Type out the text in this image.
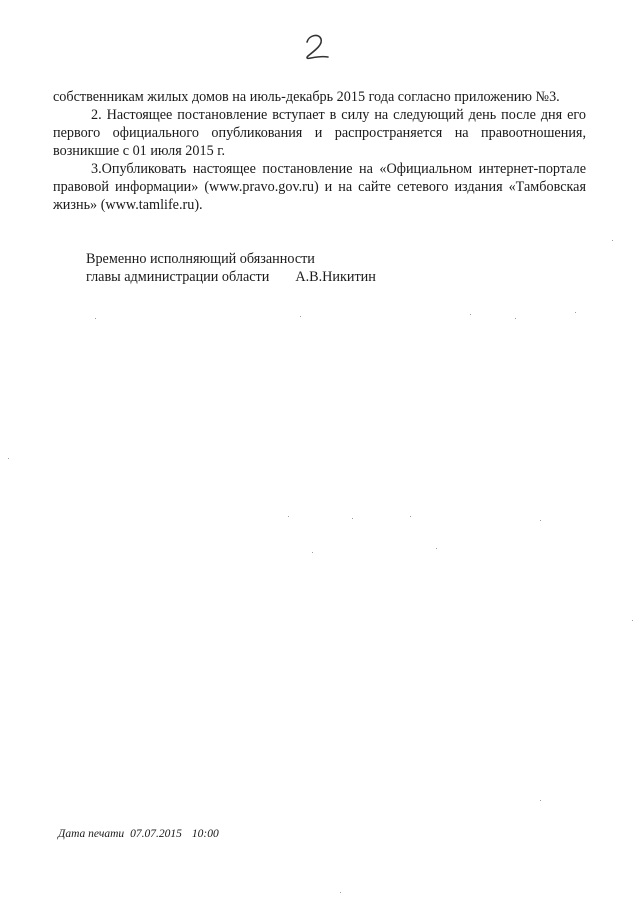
собственникам жилых домов на июль-декабрь 2015 года согласно приложению №3.

2. Настоящее постановление вступает в силу на следующий день после дня его первого официального опубликования и распространяется на правоотношения, возникшие с 01 июля 2015 г.

3.Опубликовать настоящее постановление на «Официальном интернет-портале правовой информации» (www.pravo.gov.ru) и на сайте сетевого издания «Тамбовская жизнь» (www.tamlife.ru).

Временно исполняющий обязанности
главы администрации области А.В.Никитин
Дата печати 07.07.2015 10:00
